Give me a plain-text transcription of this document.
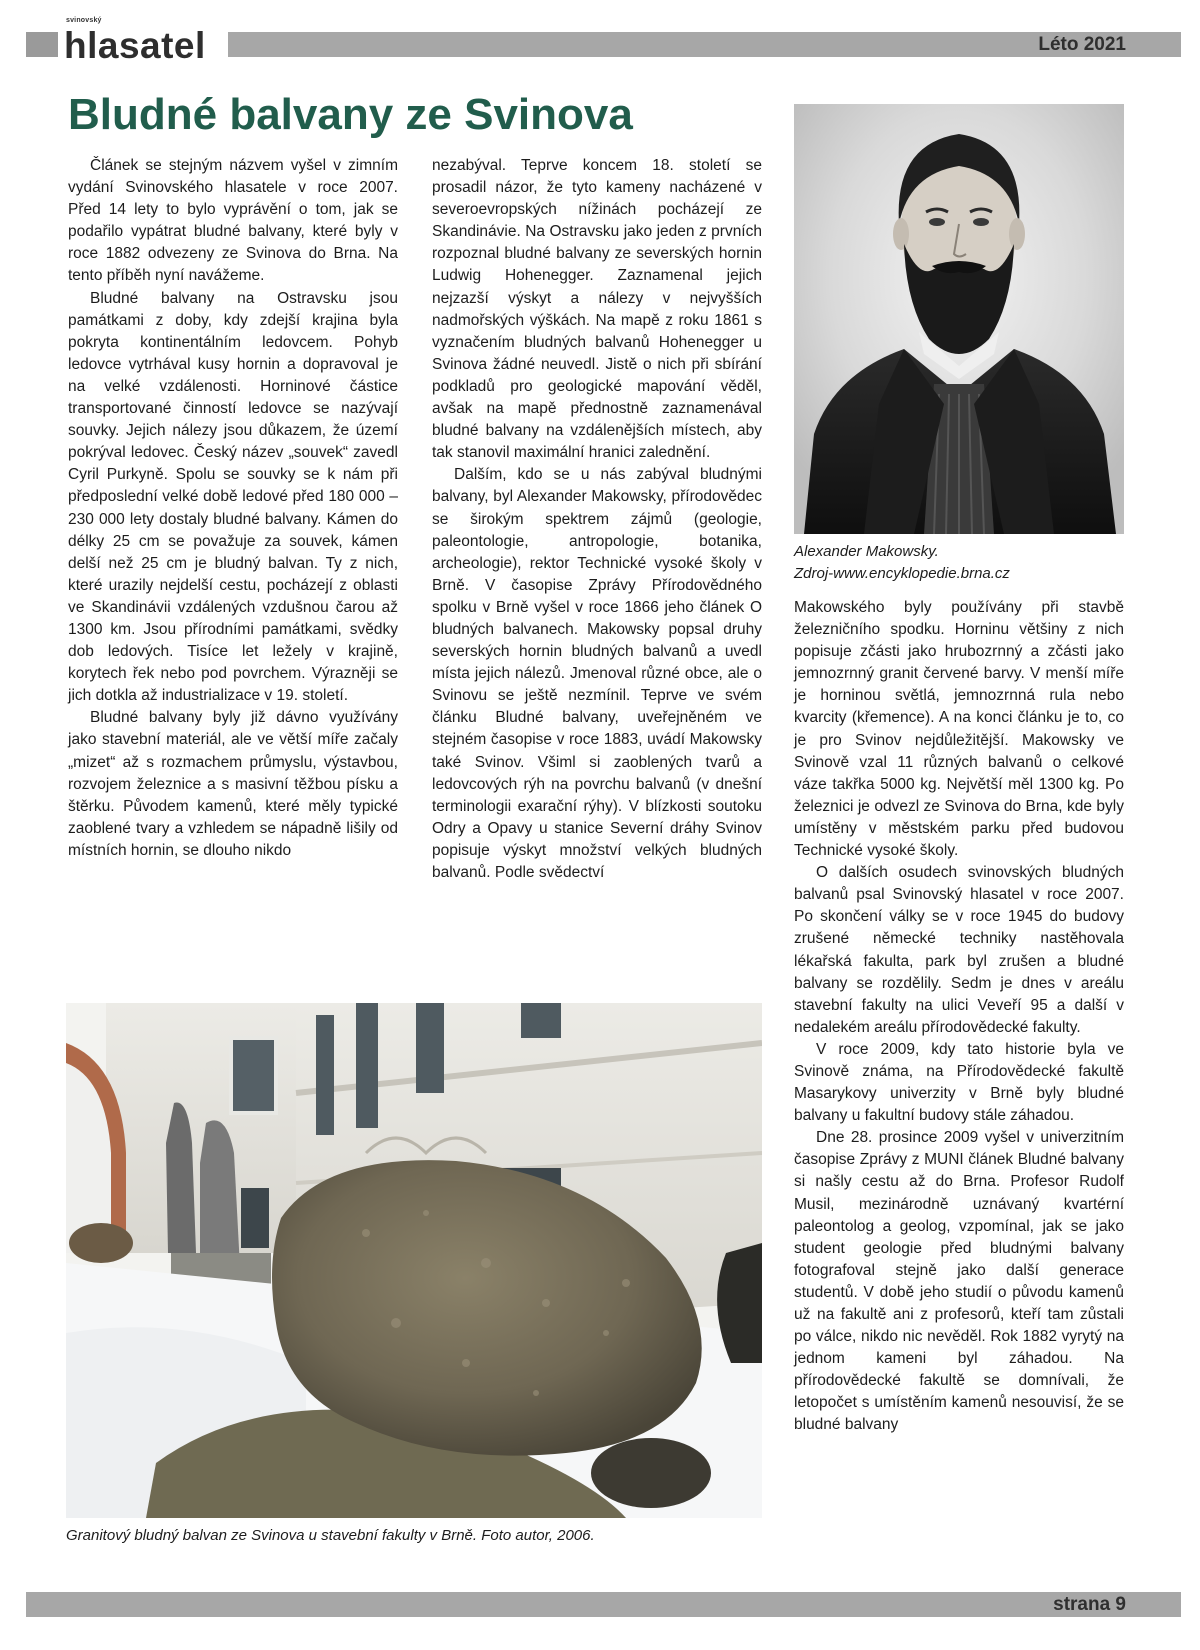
svinovský
hlasatel	Léto 2021
Bludné balvany ze Svinova

Článek se stejným názvem vyšel v zimním vydání Svinovského hlasatele v roce 2007. Před 14 lety to bylo vyprávění o tom, jak se podařilo vypátrat bludné balvany, které byly v roce 1882 odvezeny ze Svinova do Brna. Na tento příběh nyní navážeme.

Bludné balvany na Ostravsku jsou památkami z doby, kdy zdejší krajina byla pokryta kontinentálním ledovcem. Pohyb ledovce vytrhával kusy hornin a dopravoval je na velké vzdálenosti. Horninové částice transportované činností ledovce se nazývají souvky. Jejich nálezy jsou důkazem, že území pokrýval ledovec. Český název „souvek“ zavedl Cyril Purkyně. Spolu se souvky se k nám při předposlední velké době ledové před 180 000 – 230 000 lety dostaly bludné balvany. Kámen do délky 25 cm se považuje za souvek, kámen delší než 25 cm je bludný balvan. Ty z nich, které urazily nejdelší cestu, pocházejí z oblasti ve Skandinávii vzdálených vzdušnou čarou až 1300 km. Jsou přírodními památkami, svědky dob ledových. Tisíce let ležely v krajině, korytech řek nebo pod povrchem. Výrazněji se jich dotkla až industrializace v 19. století.

Bludné balvany byly již dávno využívány jako stavební materiál, ale ve větší míře začaly „mizet“ až s rozmachem průmyslu, výstavbou, rozvojem železnice a s masivní těžbou písku a štěrku. Původem kamenů, které měly typické zaoblené tvary a vzhledem se nápadně lišily od místních hornin, se dlouho nikdo

nezabýval. Teprve koncem 18. století se prosadil názor, že tyto kameny nacházené v severoevropských nížinách pocházejí ze Skandinávie. Na Ostravsku jako jeden z prvních rozpoznal bludné balvany ze severských hornin Ludwig Hohenegger. Zaznamenal jejich nejzazší výskyt a nálezy v nejvyšších nadmořských výškách. Na mapě z roku 1861 s vyznačením bludných balvanů Hohenegger u Svinova žádné neuvedl. Jistě o nich při sbírání podkladů pro geologické mapování věděl, avšak na mapě přednostně zaznamenával bludné balvany na vzdálenějších místech, aby tak stanovil maximální hranici zalednění.

Dalším, kdo se u nás zabýval bludnými balvany, byl Alexander Makowsky, přírodovědec se širokým spektrem zájmů (geologie, paleontologie, antropologie, botanika, archeologie), rektor Technické vysoké školy v Brně. V časopise Zprávy Přírodovědného spolku v Brně vyšel v roce 1866 jeho článek O bludných balvanech. Makowsky popsal druhy severských hornin bludných balvanů a uvedl místa jejich nálezů. Jmenoval různé obce, ale o Svinovu se ještě nezmínil. Teprve ve svém článku Bludné balvany, uveřejněném ve stejném časopise v roce 1883, uvádí Makowsky také Svinov. Všiml si zaoblených tvarů a ledovcových rýh na povrchu balvanů (v dnešní terminologii exarační rýhy). V blízkosti soutoku Odry a Opavy u stanice Severní dráhy Svinov popisuje výskyt množství velkých bludných balvanů. Podle svědectví

Alexander Makowsky.
Zdroj-www.encyklopedie.brna.cz

Makowského byly používány při stavbě železničního spodku. Horninu většiny z nich popisuje zčásti jako hrubozrnný a zčásti jako jemnozrnný granit červené barvy. V menší míře je horninou světlá, jemnozrnná rula nebo kvarcity (křemence). A na konci článku je to, co je pro Svinov nejdůležitější. Makowsky ve Svinově vzal 11 různých balvanů o celkové váze takřka 5000 kg. Největší měl 1300 kg. Po železnici je odvezl ze Svinova do Brna, kde byly umístěny v městském parku před budovou Technické vysoké školy.

O dalších osudech svinovských bludných balvanů psal Svinovský hlasatel v roce 2007. Po skončení války se v roce 1945 do budovy zrušené německé techniky nastěhovala lékařská fakulta, park byl zrušen a bludné balvany se rozdělily. Sedm je dnes v areálu stavební fakulty na ulici Veveří 95 a další v nedalekém areálu přírodovědecké fakulty.

V roce 2009, kdy tato historie byla ve Svinově známa, na Přírodovědecké fakultě Masarykovy univerzity v Brně byly bludné balvany u fakultní budovy stále záhadou.

Dne 28. prosince 2009 vyšel v univerzitním časopise Zprávy z MUNI článek Bludné balvany si našly cestu až do Brna. Profesor Rudolf Musil, mezinárodně uznávaný kvartérní paleontolog a geolog, vzpomínal, jak se jako student geologie před bludnými balvany fotografoval stejně jako další generace studentů. V době jeho studií o původu kamenů už na fakultě ani z profesorů, kteří tam zůstali po válce, nikdo nic nevěděl. Rok 1882 vyrytý na jednom kameni byl záhadou. Na přírodovědecké fakultě se domnívali, že letopočet s umístěním kamenů nesouvisí, že se bludné balvany

Granitový bludný balvan ze Svinova u stavební fakulty v Brně. Foto autor, 2006.
strana 9
